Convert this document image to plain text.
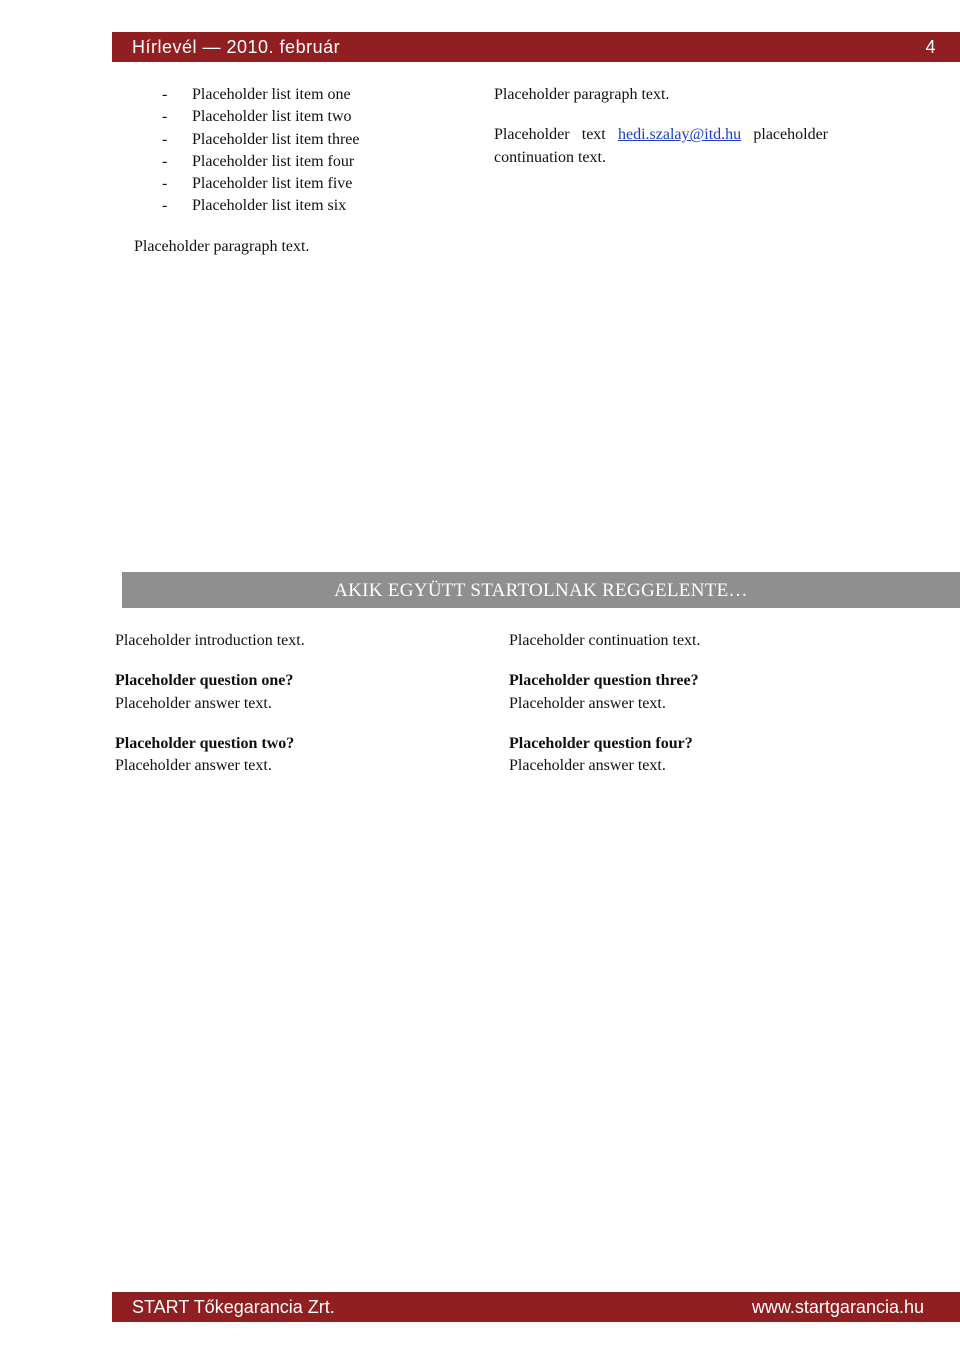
Hírlevél — 2010. február	4
- Placeholder list item one
- Placeholder list item two
- Placeholder list item three
- Placeholder list item four
- Placeholder list item five
- Placeholder list item six

Placeholder paragraph text.

Placeholder paragraph text.

Placeholder text hedi.szalay@itd.hu placeholder continuation text.

AKIK EGYÜTT STARTOLNAK REGGELENTE…

Placeholder introduction text.

Placeholder question one?

Placeholder answer text.

Placeholder question two?

Placeholder answer text.

Placeholder continuation text.

Placeholder question three?

Placeholder answer text.

Placeholder question four?

Placeholder answer text.

START Tőkegarancia Zrt.	www.startgarancia.hu
